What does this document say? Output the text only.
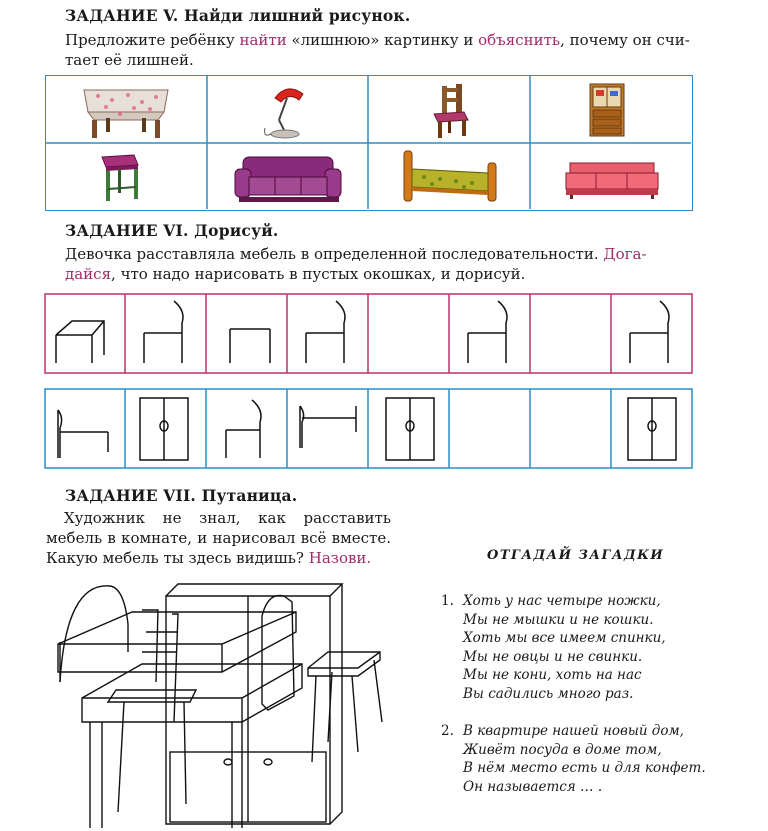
ЗАДАНИЕ V. Найди лишний рисунок.
Предложите ребёнку найти «лишнюю» картинку и объяснить, почему он счи-
тает её лишней.
ЗАДАНИЕ VI. Дорисуй.
Девочка расставляла мебель в определенной последовательности. Дога-
дайся, что надо нарисовать в пустых окошках, и дорисуй.
ЗАДАНИЕ VII. Путаница.
Художник не знал, как расставить
мебель в комнате, и нарисовал всё вместе.
Какую мебель ты здесь видишь? Назови.	ОТГАДАЙ ЗАГАДКИ
1. Хоть у нас четыре ножки,
Мы не мышки и не кошки.
Хоть мы все имеем спинки,
Мы не овцы и не свинки.
Мы не кони, хоть на нас
Вы садились много раз.
2. В квартире нашей новый дом,
Живёт посуда в доме том,
В нём место есть и для конфет.
Он называется … .
